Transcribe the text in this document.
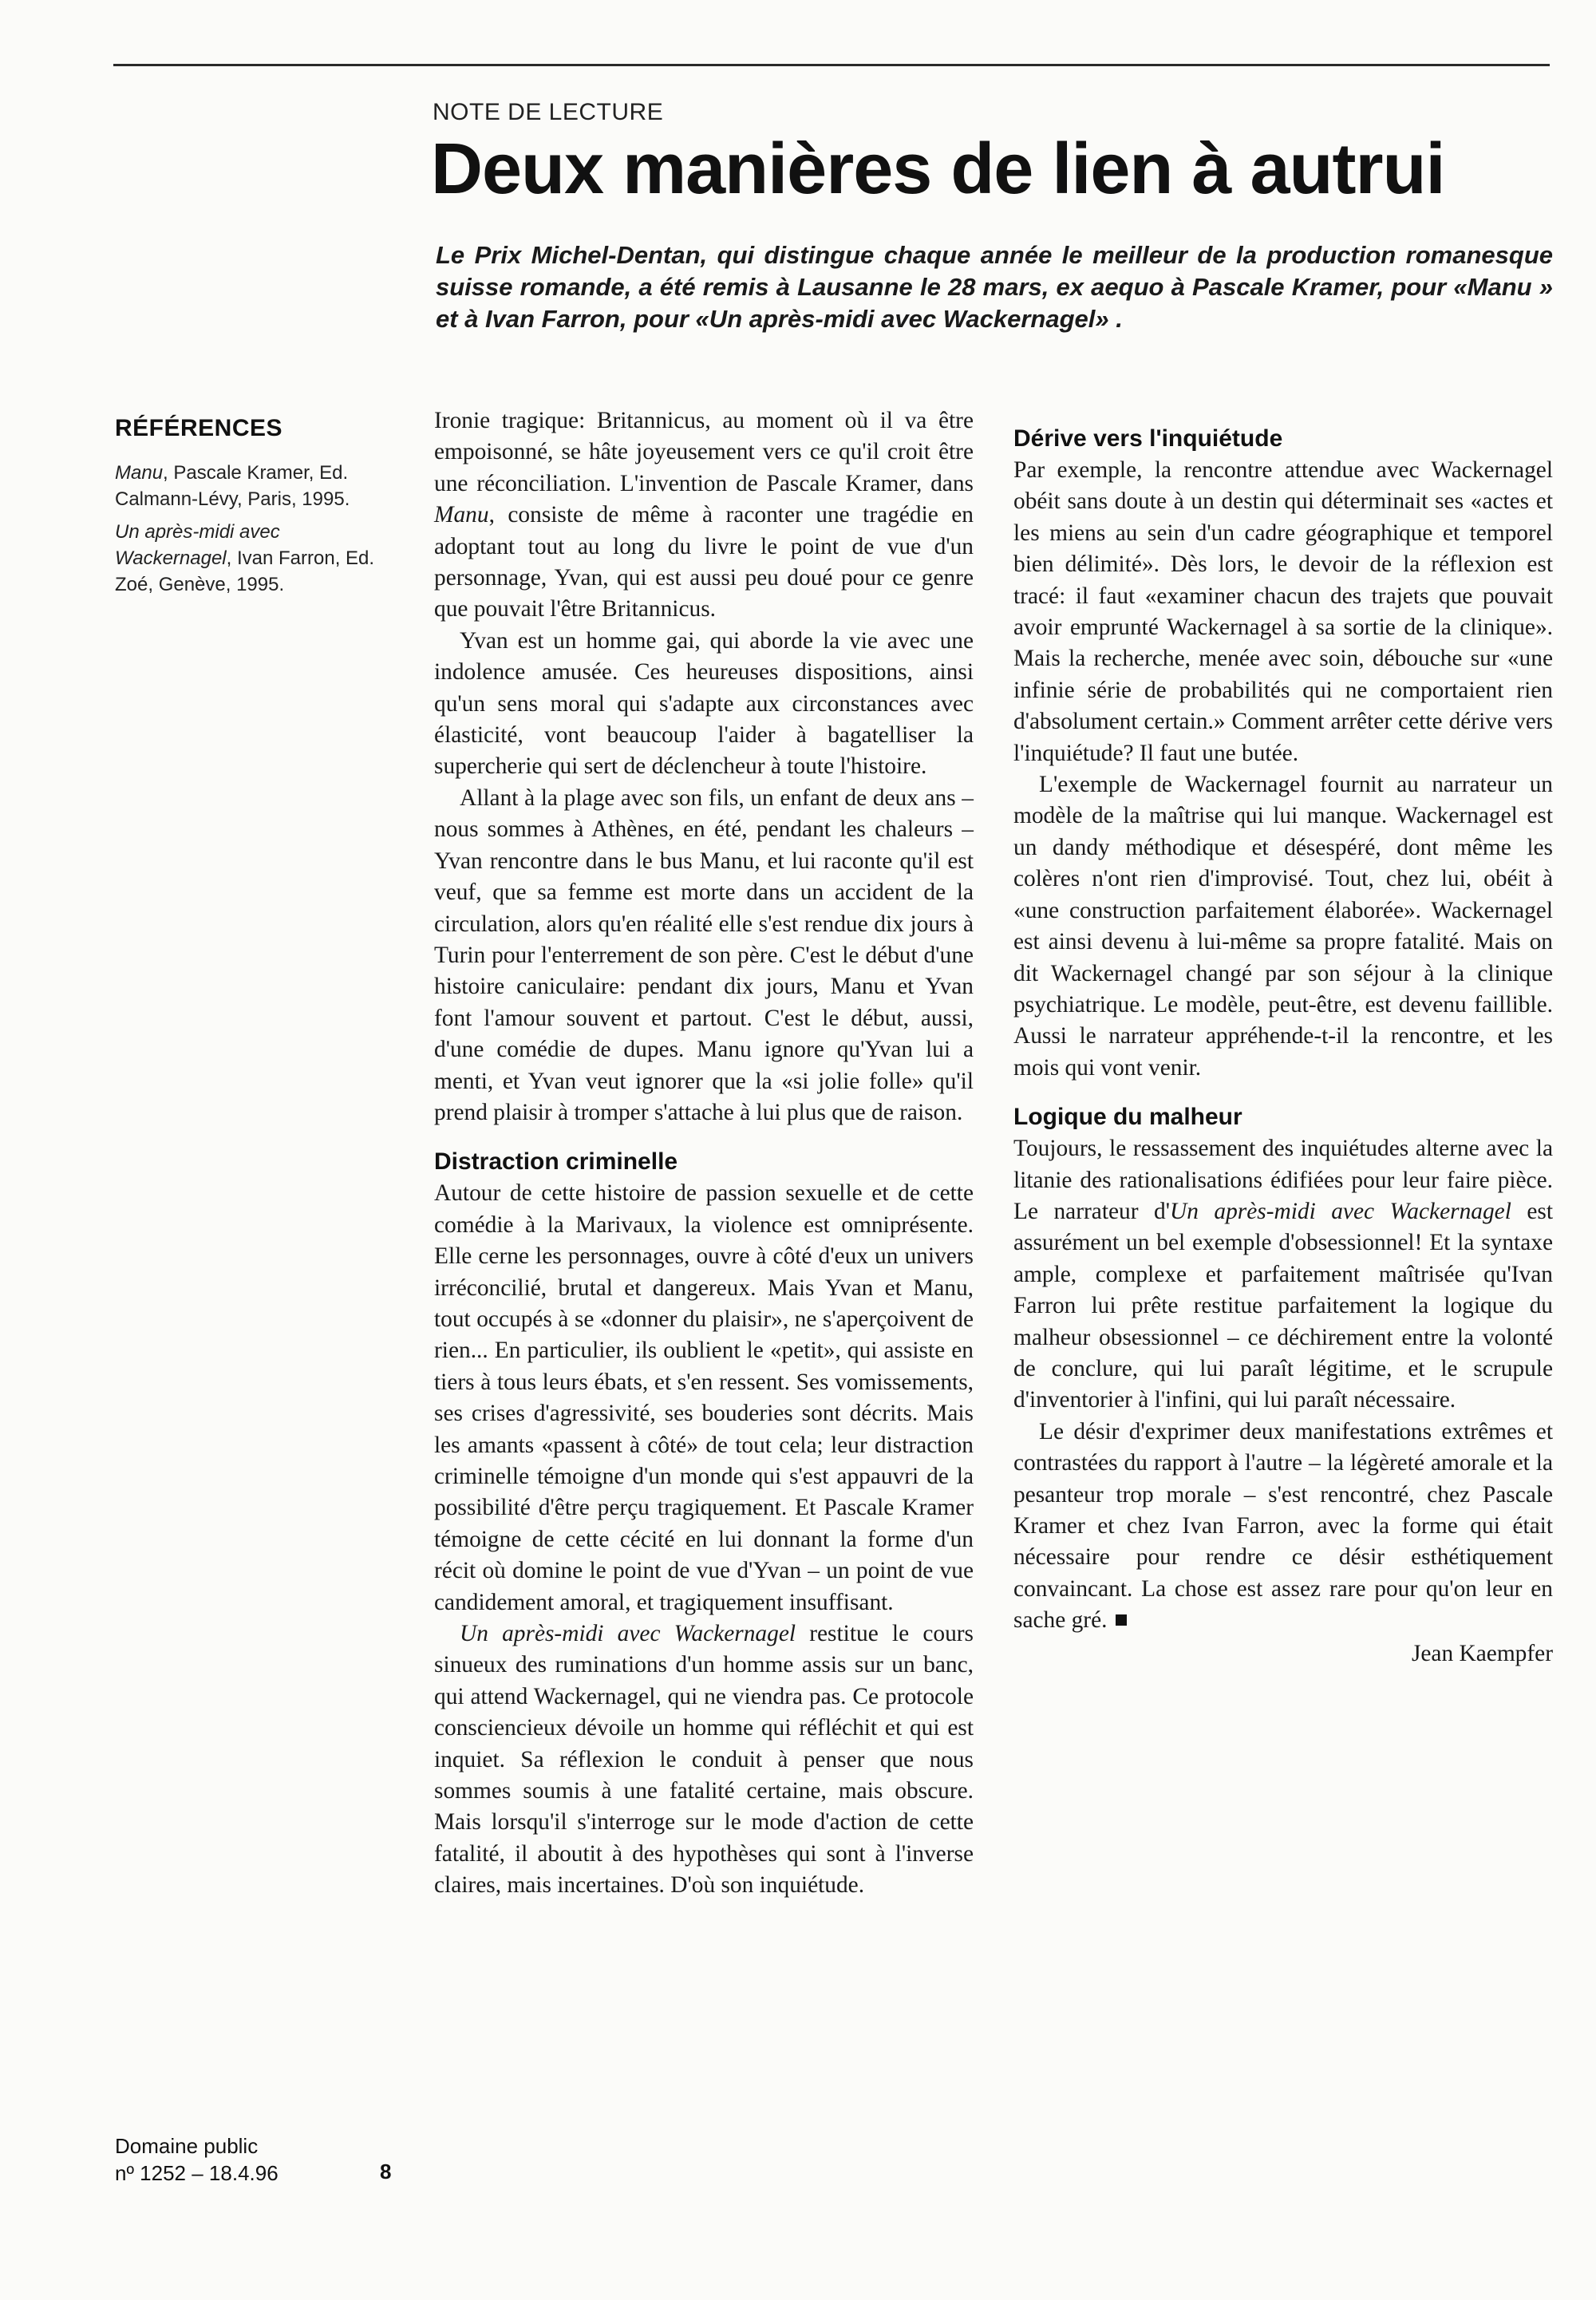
NOTE DE LECTURE
Deux manières de lien à autrui

Le Prix Michel-Dentan, qui distingue chaque année le meilleur de la production romanesque suisse romande, a été remis à Lausanne le 28 mars, ex aequo à Pascale Kramer, pour «Manu » et à Ivan Farron, pour «Un après-midi avec Wackernagel» .

RÉFÉRENCES

Manu, Pascale Kramer, Ed. Calmann-Lévy, Paris, 1995.

Un après-midi avec Wackernagel, Ivan Farron, Ed. Zoé, Genève, 1995.

Domaine public
nº 1252 – 18.4.96	8

Ironie tragique: Britannicus, au moment où il va être empoisonné, se hâte joyeusement vers ce qu'il croit être une réconciliation. L'invention de Pascale Kramer, dans Manu, consiste de même à raconter une tragédie en adoptant tout au long du livre le point de vue d'un personnage, Yvan, qui est aussi peu doué pour ce genre que pouvait l'être Britannicus.

Yvan est un homme gai, qui aborde la vie avec une indolence amusée. Ces heureuses dispositions, ainsi qu'un sens moral qui s'adapte aux circonstances avec élasticité, vont beaucoup l'aider à bagatelliser la supercherie qui sert de déclencheur à toute l'histoire.

Allant à la plage avec son fils, un enfant de deux ans – nous sommes à Athènes, en été, pendant les chaleurs – Yvan rencontre dans le bus Manu, et lui raconte qu'il est veuf, que sa femme est morte dans un accident de la circulation, alors qu'en réalité elle s'est rendue dix jours à Turin pour l'enterrement de son père. C'est le début d'une histoire caniculaire: pendant dix jours, Manu et Yvan font l'amour souvent et partout. C'est le début, aussi, d'une comédie de dupes. Manu ignore qu'Yvan lui a menti, et Yvan veut ignorer que la «si jolie folle» qu'il prend plaisir à tromper s'attache à lui plus que de raison.

Distraction criminelle

Autour de cette histoire de passion sexuelle et de cette comédie à la Marivaux, la violence est omniprésente. Elle cerne les personnages, ouvre à côté d'eux un univers irréconcilié, brutal et dangereux. Mais Yvan et Manu, tout occupés à se «donner du plaisir», ne s'aperçoivent de rien... En particulier, ils oublient le «petit», qui assiste en tiers à tous leurs ébats, et s'en ressent. Ses vomissements, ses crises d'agressivité, ses bouderies sont décrits. Mais les amants «passent à côté» de tout cela; leur distraction criminelle témoigne d'un monde qui s'est appauvri de la possibilité d'être perçu tragiquement. Et Pascale Kramer témoigne de cette cécité en lui donnant la forme d'un récit où domine le point de vue d'Yvan – un point de vue candidement amoral, et tragiquement insuffisant.

Un après-midi avec Wackernagel restitue le cours sinueux des ruminations d'un homme assis sur un banc, qui attend Wackernagel, qui ne viendra pas. Ce protocole consciencieux dévoile un homme qui réfléchit et qui est inquiet. Sa réflexion le conduit à penser que nous sommes soumis à une fatalité certaine, mais obscure. Mais lorsqu'il s'interroge sur le mode d'action de cette fatalité, il aboutit à des hypothèses qui sont à l'inverse claires, mais incertaines. D'où son inquiétude.

Dérive vers l'inquiétude

Par exemple, la rencontre attendue avec Wackernagel obéit sans doute à un destin qui déterminait ses «actes et les miens au sein d'un cadre géographique et temporel bien délimité». Dès lors, le devoir de la réflexion est tracé: il faut «examiner chacun des trajets que pouvait avoir emprunté Wackernagel à sa sortie de la clinique». Mais la recherche, menée avec soin, débouche sur «une infinie série de probabilités qui ne comportaient rien d'absolument certain.» Comment arrêter cette dérive vers l'inquiétude? Il faut une butée.

L'exemple de Wackernagel fournit au narrateur un modèle de la maîtrise qui lui manque. Wackernagel est un dandy méthodique et désespéré, dont même les colères n'ont rien d'improvisé. Tout, chez lui, obéit à «une construction parfaitement élaborée». Wackernagel est ainsi devenu à lui-même sa propre fatalité. Mais on dit Wackernagel changé par son séjour à la clinique psychiatrique. Le modèle, peut-être, est devenu faillible. Aussi le narrateur appréhende-t-il la rencontre, et les mois qui vont venir.

Logique du malheur

Toujours, le ressassement des inquiétudes alterne avec la litanie des rationalisations édifiées pour leur faire pièce. Le narrateur d'Un après-midi avec Wackernagel est assurément un bel exemple d'obsessionnel! Et la syntaxe ample, complexe et parfaitement maîtrisée qu'Ivan Farron lui prête restitue parfaitement la logique du malheur obsessionnel – ce déchirement entre la volonté de conclure, qui lui paraît légitime, et le scrupule d'inventorier à l'infini, qui lui paraît nécessaire.

Le désir d'exprimer deux manifestations extrêmes et contrastées du rapport à l'autre – la légèreté amorale et la pesanteur trop morale – s'est rencontré, chez Pascale Kramer et chez Ivan Farron, avec la forme qui était nécessaire pour rendre ce désir esthétiquement convaincant. La chose est assez rare pour qu'on leur en sache gré.

Jean Kaempfer
